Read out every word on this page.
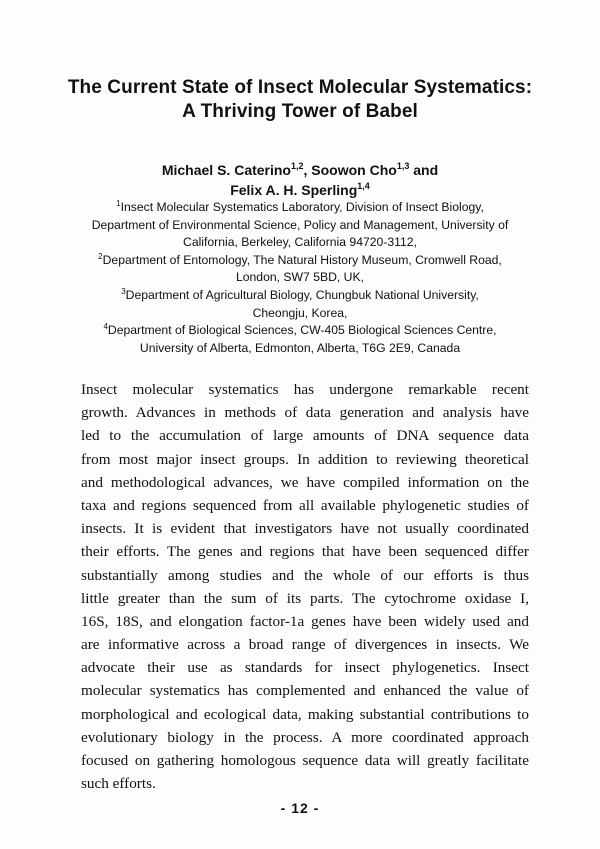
The Current State of Insect Molecular Systematics:
A Thriving Tower of Babel
Michael S. Caterino$^{1,2}$, Soowon Cho$^{1,3}$ and
Felix A. H. Sperling$^{1,4}$
$^1$Insect Molecular Systematics Laboratory, Division of Insect Biology,
Department of Environmental Science, Policy and Management, University of
California, Berkeley, California 94720-3112,
$^2$Department of Entomology, The Natural History Museum, Cromwell Road,
London, SW7 5BD, UK,
$^3$Department of Agricultural Biology, Chungbuk National University,
Cheongju, Korea,
$^4$Department of Biological Sciences, CW-405 Biological Sciences Centre,
University of Alberta, Edmonton, Alberta, T6G 2E9, Canada
Insect molecular systematics has undergone remarkable recent
growth. Advances in methods of data generation and analysis have
led to the accumulation of large amounts of DNA sequence data
from most major insect groups. In addition to reviewing theoretical
and methodological advances, we have compiled information on the
taxa and regions sequenced from all available phylogenetic studies of
insects. It is evident that investigators have not usually coordinated
their efforts. The genes and regions that have been sequenced differ
substantially among studies and the whole of our efforts is thus
little greater than the sum of its parts. The cytochrome oxidase I,
16S, 18S, and elongation factor-1a genes have been widely used and
are informative across a broad range of divergences in insects. We
advocate their use as standards for insect phylogenetics. Insect
molecular systematics has complemented and enhanced the value of
morphological and ecological data, making substantial contributions to
evolutionary biology in the process. A more coordinated approach
focused on gathering homologous sequence data will greatly facilitate
such efforts.
- 12 -
